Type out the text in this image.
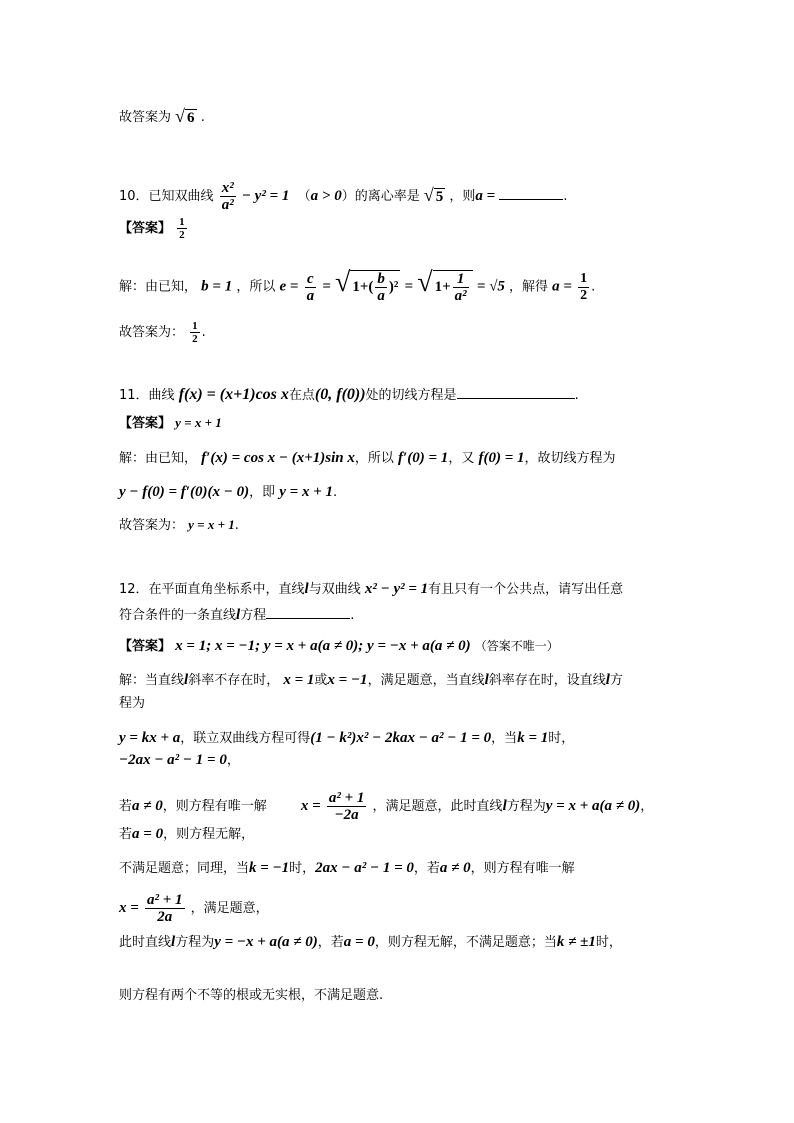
故答案为 √ 6 .
10．已知双曲线 $\frac{\text{x²}}{\text{a²}} - y^2 = 1$ （a > 0）的离心率是 √ 5 ，则a =	.
【答案】 $\frac{1}{2}$
解：由已知， b = 1 ，所以 $e = \frac{c}{a}$ = √ $1+( \frac{b}{a} )^2$ = √ $1+ \frac{1}{\text{a²}} = √5$ ，解得 $a = \frac{1}{2}$ .
故答案为： $\frac{1}{2}$ .
11．曲线 f(x) = (x+1)cos x在点(0, f(0))处的切线方程是	.
【答案】 y = x + 1
解：由已知， f′(x) = cos x − (x+1)sin x，所以 f′(0) = 1，又 f(0) = 1，故切线方程为
y − f(0) = f′(0)(x − 0)，即 y = x + 1.
故答案为： y = x + 1.
12．在平面直角坐标系中，直线l与双曲线 x² − y² = 1有且只有一个公共点，请写出任意
符合条件的一条直线l方程	.
【答案】 x = 1; x = −1; y = x + a(a ≠ 0); y = −x + a(a ≠ 0) （答案不唯一）
解：当直线l斜率不存在时， x = 1或x = −1，满足题意，当直线l斜率存在时，设直线l方
程为
y = kx + a，联立双曲线方程可得(1 − k²)x² − 2kax − a² − 1 = 0，当k = 1时，
−2ax − a² − 1 = 0，
若a ≠ 0，则方程有唯一解 $x = \frac{\text{a² + 1}}{-2a}$ ，满足题意，此时直线l方程为y = x + a(a ≠ 0)，
若a = 0，则方程无解，
不满足题意；同理，当k = −1时，2ax − a² − 1 = 0，若a ≠ 0，则方程有唯一解
$x = \frac{\text{a² + 1}}{2a}$ ，满足题意，
此时直线l方程为y = −x + a(a ≠ 0)，若a = 0，则方程无解，不满足题意；当k ≠ ±1时，
则方程有两个不等的根或无实根，不满足题意.
